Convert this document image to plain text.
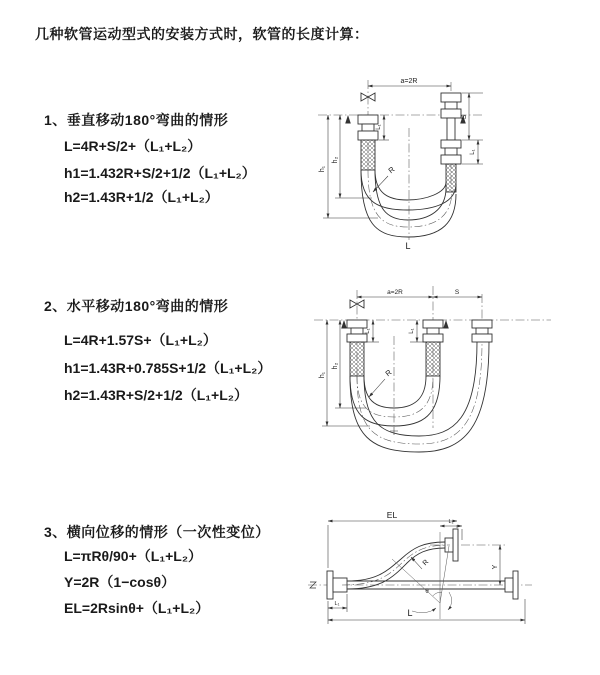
几种软管运动型式的安装方式时，软管的长度计算：
1、垂直移动180°弯曲的情形
L=4R+S/2+（L₁+L₂）
h1=1.432R+S/2+1/2（L₁+L₂）
h2=1.43R+1/2（L₁+L₂）
2、水平移动180°弯曲的情形
L=4R+1.57S+（L₁+L₂）
h1=1.43R+0.785S+1/2（L₁+L₂）
h2=1.43R+S/2+1/2（L₁+L₂）
3、横向位移的情形（一次性变位）
L=πRθ/90+（L₁+L₂）
Y=2R（1−cosθ）
EL=2Rsinθ+（L₁+L₂）
a=2R
S
L₁
L₁
h₂
h₁	R
L
a=2R	S
h₂
h₁
L₁	L₁
R
EL
L₁
Y
R
θ
L
L₁
